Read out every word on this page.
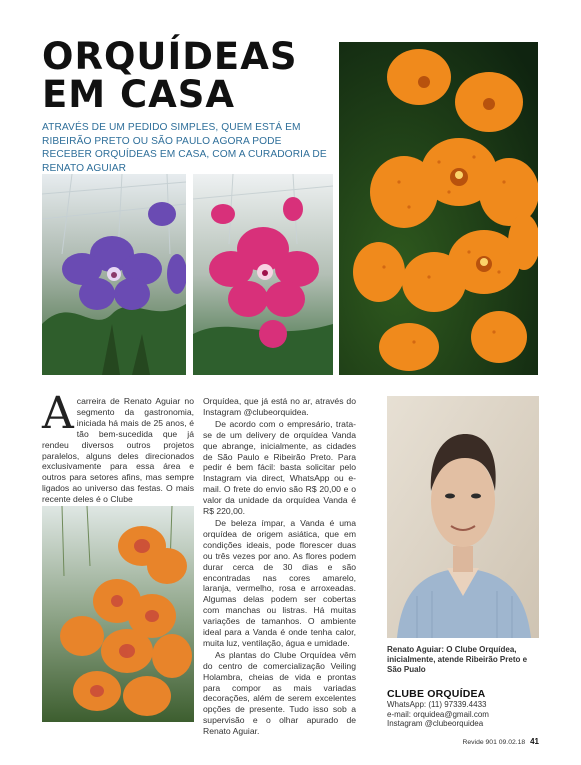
ORQUÍDEAS
EM CASA
ATRAVÉS DE UM PEDIDO SIMPLES, QUEM ESTÁ EM RIBEIRÃO PRETO OU SÃO PAULO AGORA PODE RECEBER ORQUÍDEAS EM CASA, COM A CURADORIA DE RENATO AGUIAR

Acarreira de Renato Aguiar no segmento da gastronomia, iniciada há mais de 25 anos, é tão bem-sucedida que já rendeu diversos outros projetos paralelos, alguns deles direcionados exclusivamente para essa área e outros para setores afins, mas sempre ligados ao universo das festas. O mais recente deles é o Clube

Orquídea, que já está no ar, através do Instagram @clubeorquidea.

De acordo com o empresário, trata-se de um delivery de orquídea Vanda que abrange, inicialmente, as cidades de São Paulo e Ribeirão Preto. Para pedir é bem fácil: basta solicitar pelo Instagram via direct, WhatsApp ou e-mail. O frete do envio são R$ 20,00 e o valor da unidade da orquídea Vanda é R$ 220,00.

De beleza ímpar, a Vanda é uma orquídea de origem asiática, que em condições ideais, pode florescer duas ou três vezes por ano. As flores podem durar cerca de 30 dias e são encontradas nas cores amarelo, laranja, vermelho, rosa e arroxeadas. Algumas delas podem ser cobertas com manchas ou listras. Há muitas variações de tamanhos. O ambiente ideal para a Vanda é onde tenha calor, muita luz, ventilação, água e umidade.

As plantas do Clube Orquídea vêm do centro de comercialização Veiling Holambra, cheias de vida e prontas para compor as mais variadas decorações, além de serem excelentes opções de presente. Tudo isso sob a supervisão e o olhar apurado de Renato Aguiar.

Renato Aguiar: O Clube Orquídea, inicialmente, atende Ribeirão Preto e São Pualo
CLUBE ORQUÍDEA
WhatsApp: (11) 97339.4433
e-mail: orquidea@gmail.com
Instagram @clubeorquidea
Revide 901 09.02.18 41
